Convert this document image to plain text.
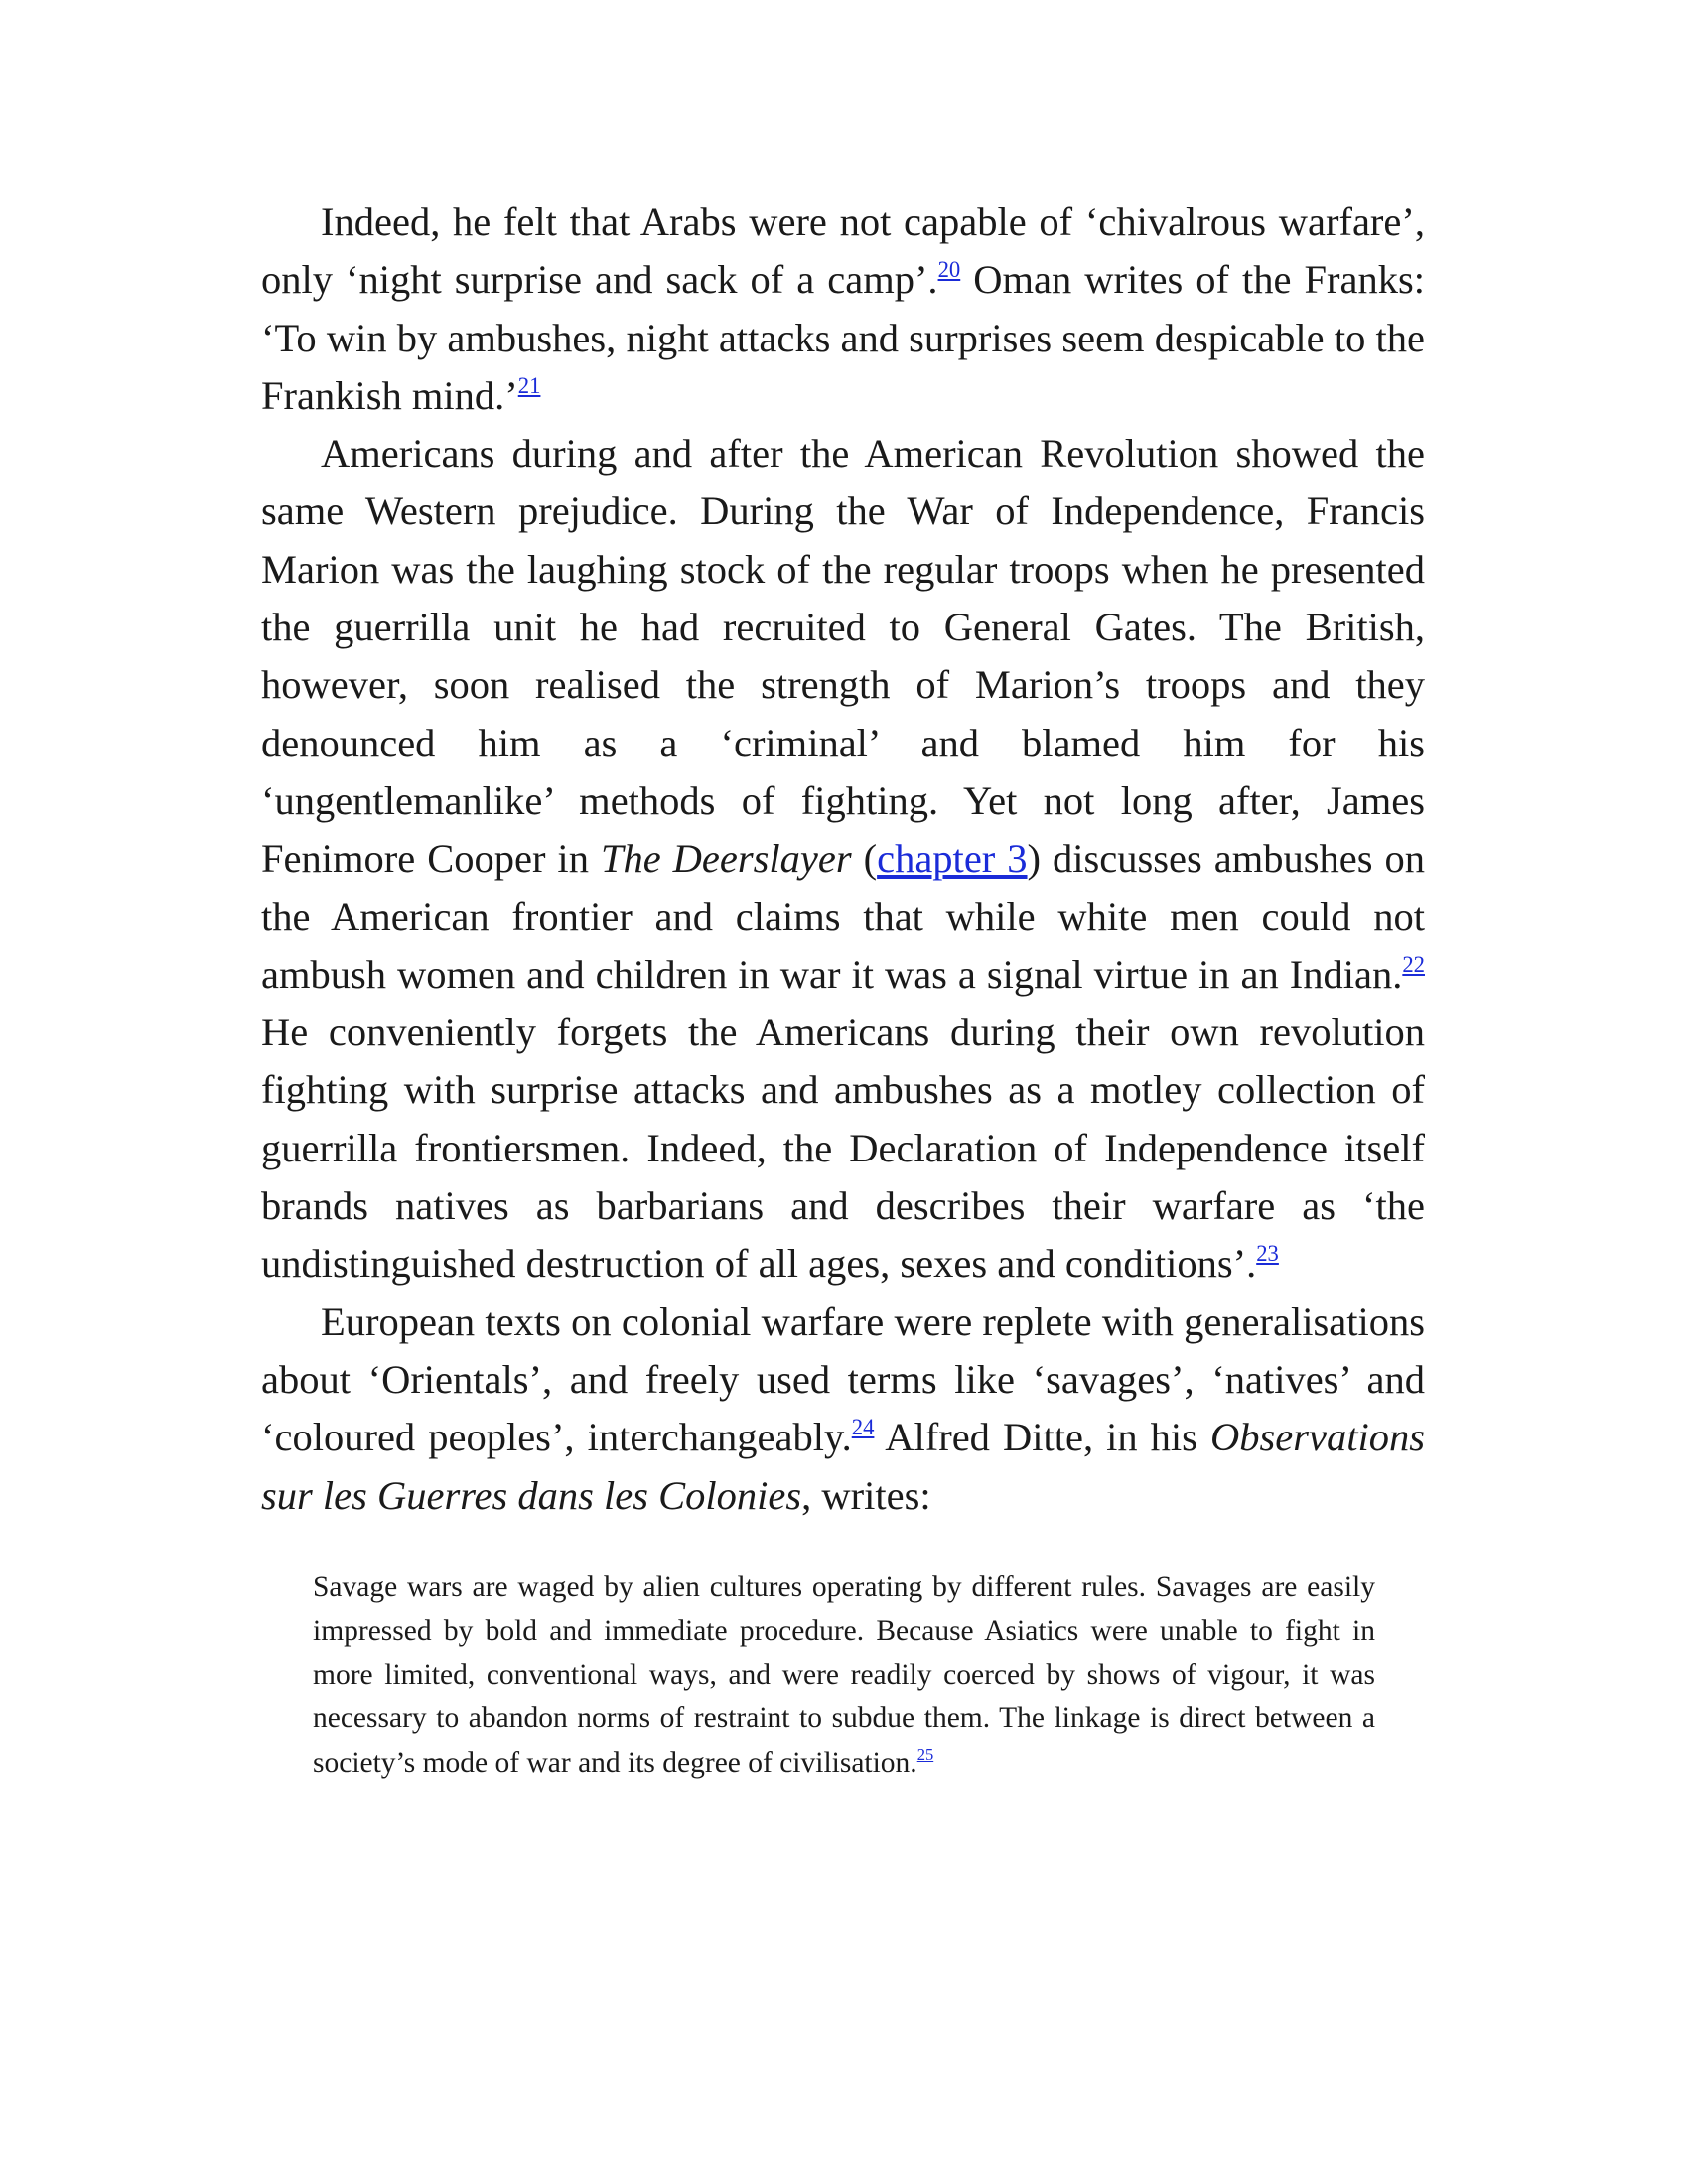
Indeed, he felt that Arabs were not capable of ‘chivalrous warfare’, only ‘night surprise and sack of a camp’.$^{20}$ Oman writes of the Franks: ‘To win by ambushes, night attacks and surprises seem despicable to the Frankish mind.’$^{21}$

Americans during and after the American Revolution showed the same Western prejudice. During the War of Independence, Francis Marion was the laughing stock of the regular troops when he presented the guerrilla unit he had recruited to General Gates. The British, however, soon realised the strength of Marion’s troops and they denounced him as a ‘criminal’ and blamed him for his ‘ungentlemanlike’ methods of fighting. Yet not long after, James Fenimore Cooper in The Deerslayer (chapter 3) discusses ambushes on the American frontier and claims that while white men could not ambush women and children in war it was a signal virtue in an Indian.$^{22}$ He conveniently forgets the Americans during their own revolution fighting with surprise attacks and ambushes as a motley collection of guerrilla frontiersmen. Indeed, the Declaration of Independence itself brands natives as barbarians and describes their warfare as ‘the undistinguished destruction of all ages, sexes and conditions’.$^{23}$

European texts on colonial warfare were replete with generalisations about ‘Orientals’, and freely used terms like ‘savages’, ‘natives’ and ‘coloured peoples’, interchangeably.$^{24}$ Alfred Ditte, in his Observations sur les Guerres dans les Colonies, writes:

Savage wars are waged by alien cultures operating by different rules. Savages are easily impressed by bold and immediate procedure. Because Asiatics were unable to fight in more limited, conventional ways, and were readily coerced by shows of vigour, it was necessary to abandon norms of restraint to subdue them. The linkage is direct between a society’s mode of war and its degree of civilisation.$^{25}$
